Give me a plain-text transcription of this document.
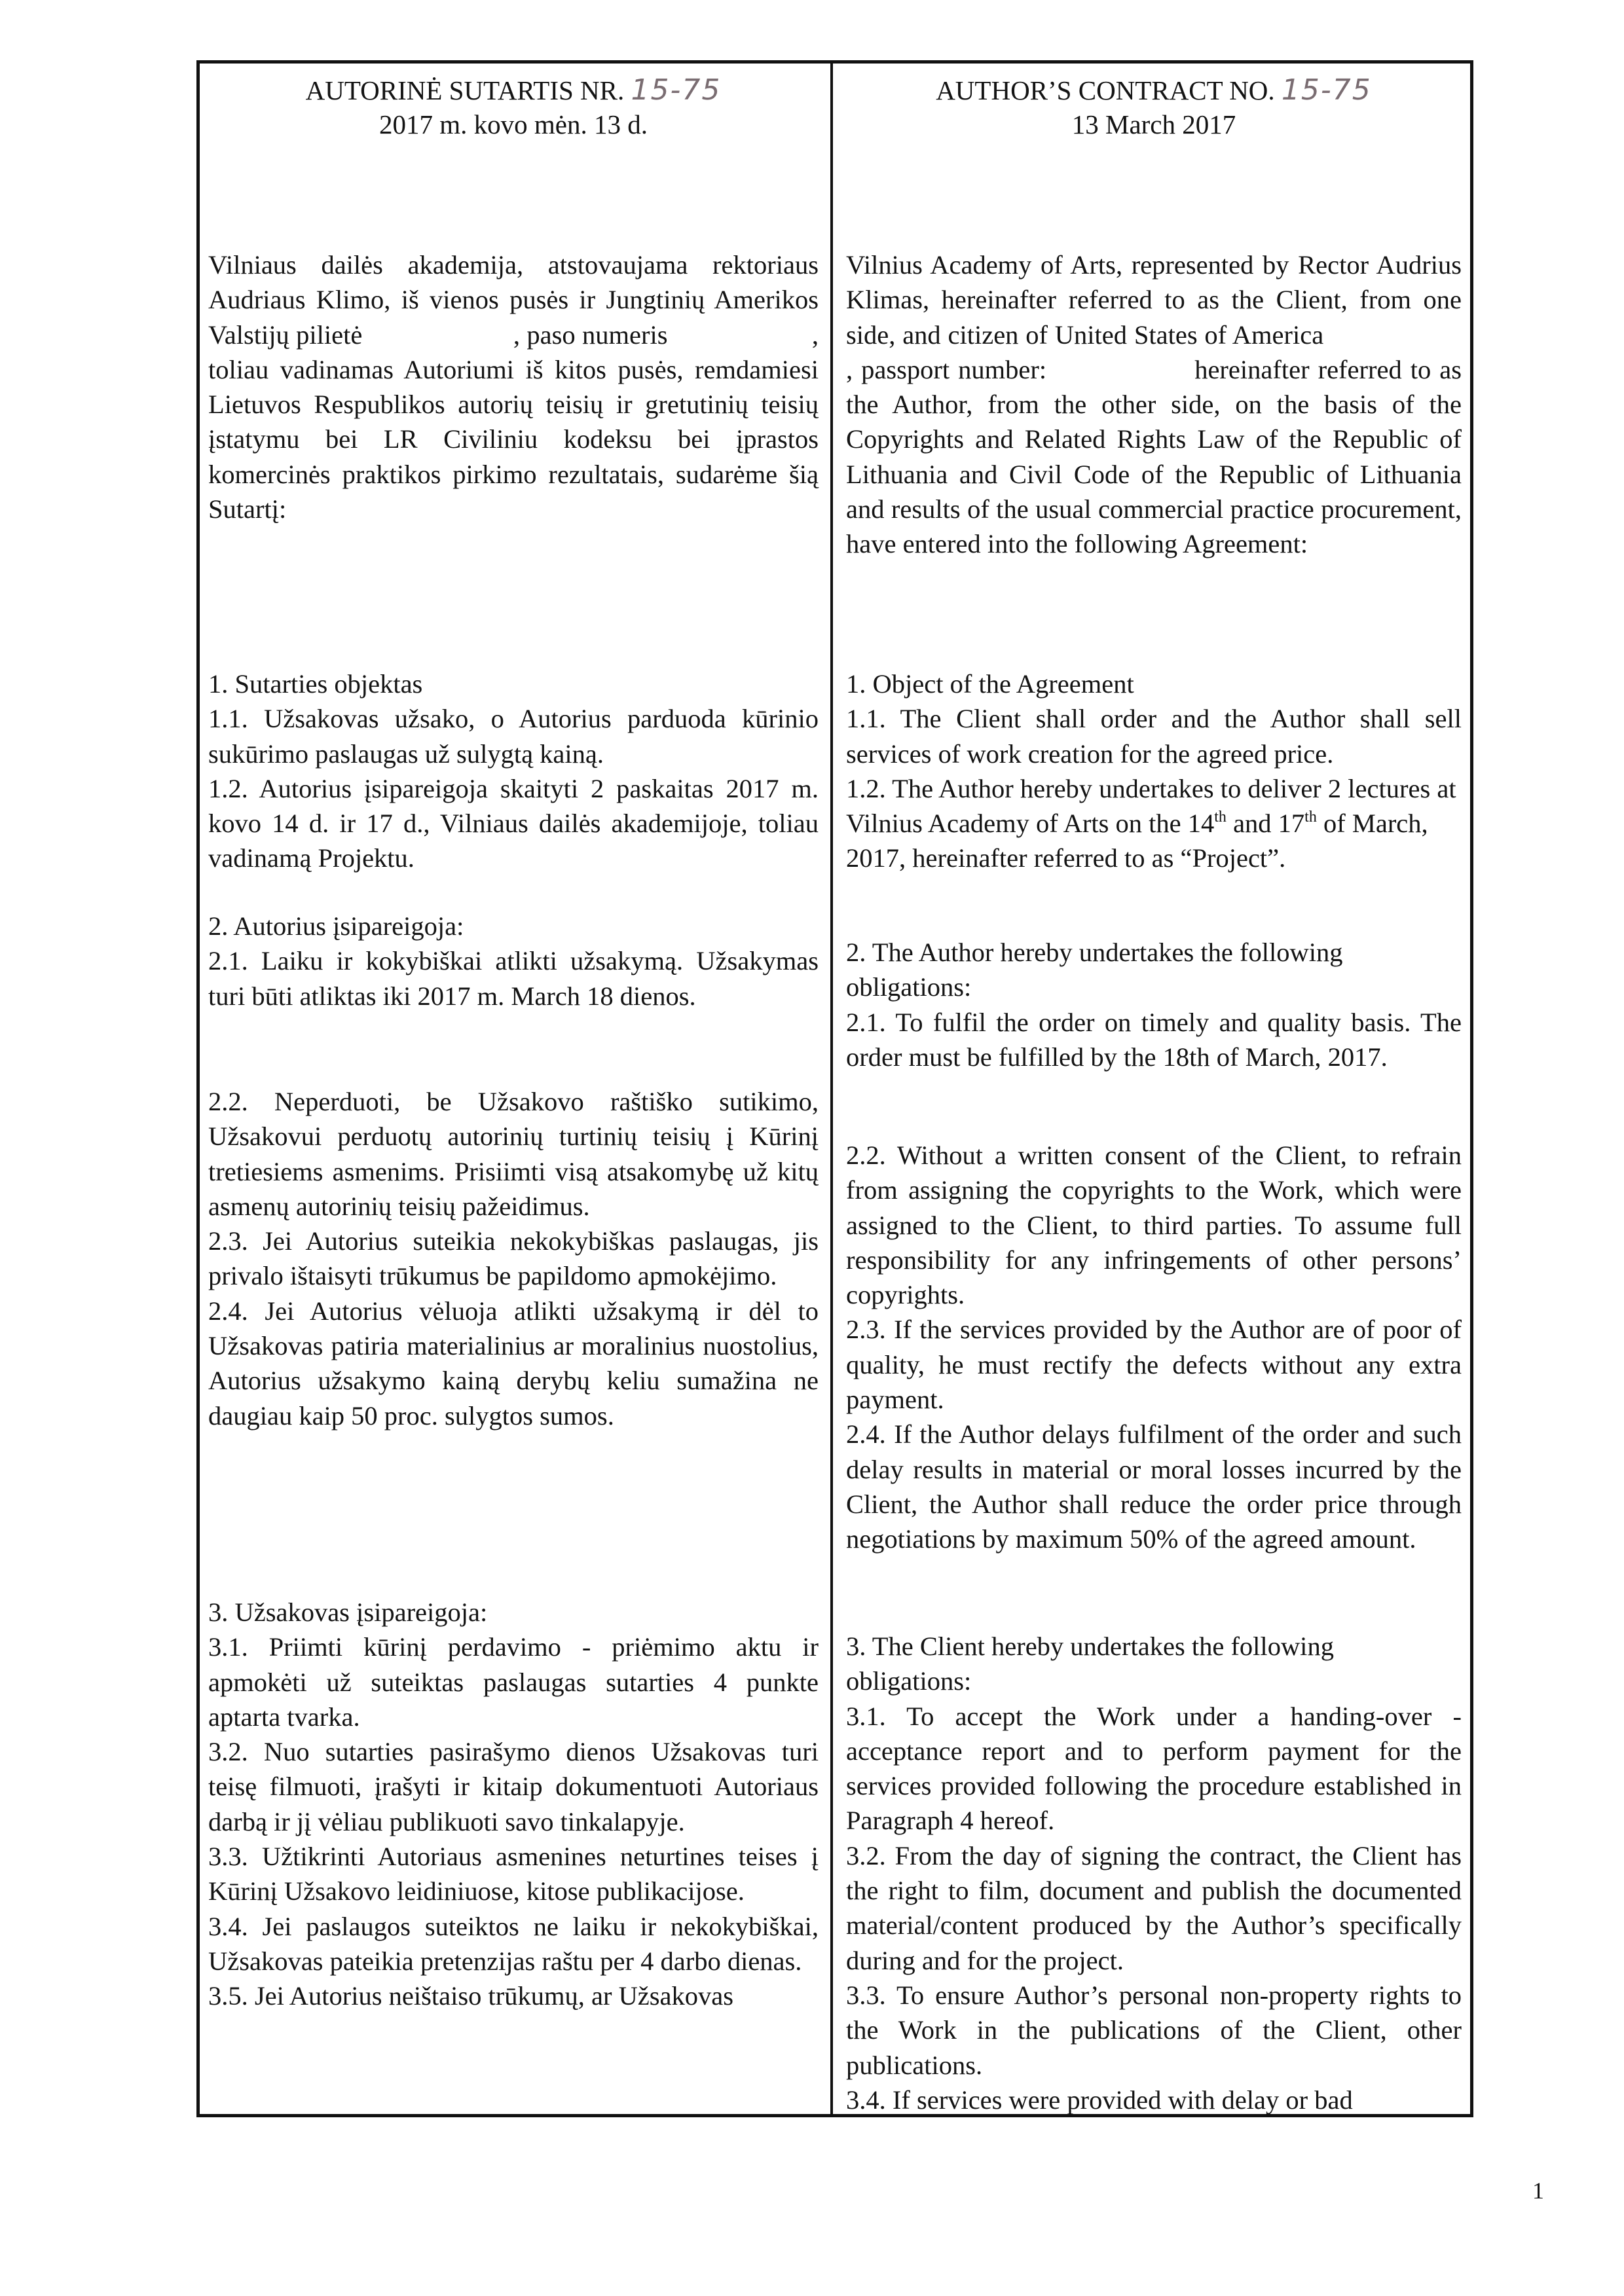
AUTORINĖ SUTARTIS NR. 15-75
2017 m. kovo mėn. 13 d.

Vilniaus dailės akademija, atstovaujama rektoriaus Audriaus Klimo, iš vienos pusės ir Jungtinių Amerikos Valstijų pilietė	, paso numeris	, toliau vadinamas Autoriumi iš kitos pusės, remdamiesi Lietuvos Respublikos autorių teisių ir gretutinių teisių įstatymu bei LR Civiliniu kodeksu bei įprastos komercinės praktikos pirkimo rezultatais, sudarėme šią Sutartį:

1. Sutarties objektas

1.1. Užsakovas užsako, o Autorius parduoda kūrinio sukūrimo paslaugas už sulygtą kainą.

1.2. Autorius įsipareigoja skaityti 2 paskaitas 2017 m. kovo 14 d. ir 17 d., Vilniaus dailės akademijoje, toliau vadinamą Projektu.

2. Autorius įsipareigoja:

2.1. Laiku ir kokybiškai atlikti užsakymą. Užsakymas turi būti atliktas iki 2017 m. March 18 dienos.

2.2. Neperduoti, be Užsakovo raštiško sutikimo, Užsakovui perduotų autorinių turtinių teisių į Kūrinį tretiesiems asmenims. Prisiimti visą atsakomybę už kitų asmenų autorinių teisių pažeidimus.

2.3. Jei Autorius suteikia nekokybiškas paslaugas, jis privalo ištaisyti trūkumus be papildomo apmokėjimo.

2.4. Jei Autorius vėluoja atlikti užsakymą ir dėl to Užsakovas patiria materialinius ar moralinius nuostolius, Autorius užsakymo kainą derybų keliu sumažina ne daugiau kaip 50 proc. sulygtos sumos.

3. Užsakovas įsipareigoja:

3.1. Priimti kūrinį perdavimo - priėmimo aktu ir apmokėti už suteiktas paslaugas sutarties 4 punkte aptarta tvarka.

3.2. Nuo sutarties pasirašymo dienos Užsakovas turi teisę filmuoti, įrašyti ir kitaip dokumentuoti Autoriaus darbą ir jį vėliau publikuoti savo tinkalapyje.

3.3. Užtikrinti Autoriaus asmenines neturtines teises į Kūrinį Užsakovo leidiniuose, kitose publikacijose.

3.4. Jei paslaugos suteiktos ne laiku ir nekokybiškai, Užsakovas pateikia pretenzijas raštu per 4 darbo dienas.

3.5. Jei Autorius neištaiso trūkumų, ar Užsakovas

AUTHOR’S CONTRACT NO. 15-75
13 March 2017

Vilnius Academy of Arts, represented by Rector Audrius Klimas, hereinafter referred to as the Client, from one side, and citizen of United States of America , passport number:	hereinafter referred to as the Author, from the other side, on the basis of the Copyrights and Related Rights Law of the Republic of Lithuania and Civil Code of the Republic of Lithuania and results of the usual commercial practice procurement, have entered into the following Agreement:

1. Object of the Agreement

1.1. The Client shall order and the Author shall sell services of work creation for the agreed price.

1.2. The Author hereby undertakes to deliver 2 lectures at Vilnius Academy of Arts on the 14th and 17th of March, 2017, hereinafter referred to as “Project”.

2. The Author hereby undertakes the following obligations:

2.1. To fulfil the order on timely and quality basis. The order must be fulfilled by the 18th of March, 2017.

2.2. Without a written consent of the Client, to refrain from assigning the copyrights to the Work, which were assigned to the Client, to third parties. To assume full responsibility for any infringements of other persons’ copyrights.

2.3. If the services provided by the Author are of poor of quality, he must rectify the defects without any extra payment.

2.4. If the Author delays fulfilment of the order and such delay results in material or moral losses incurred by the Client, the Author shall reduce the order price through negotiations by maximum 50% of the agreed amount.

3. The Client hereby undertakes the following obligations:

3.1. To accept the Work under a handing-over - acceptance report and to perform payment for the services provided following the procedure established in Paragraph 4 hereof.

3.2. From the day of signing the contract, the Client has the right to film, document and publish the documented material/content produced by the Author’s specifically during and for the project.

3.3. To ensure Author’s personal non-property rights to the Work in the publications of the Client, other publications.

3.4. If services were provided with delay or bad

1
